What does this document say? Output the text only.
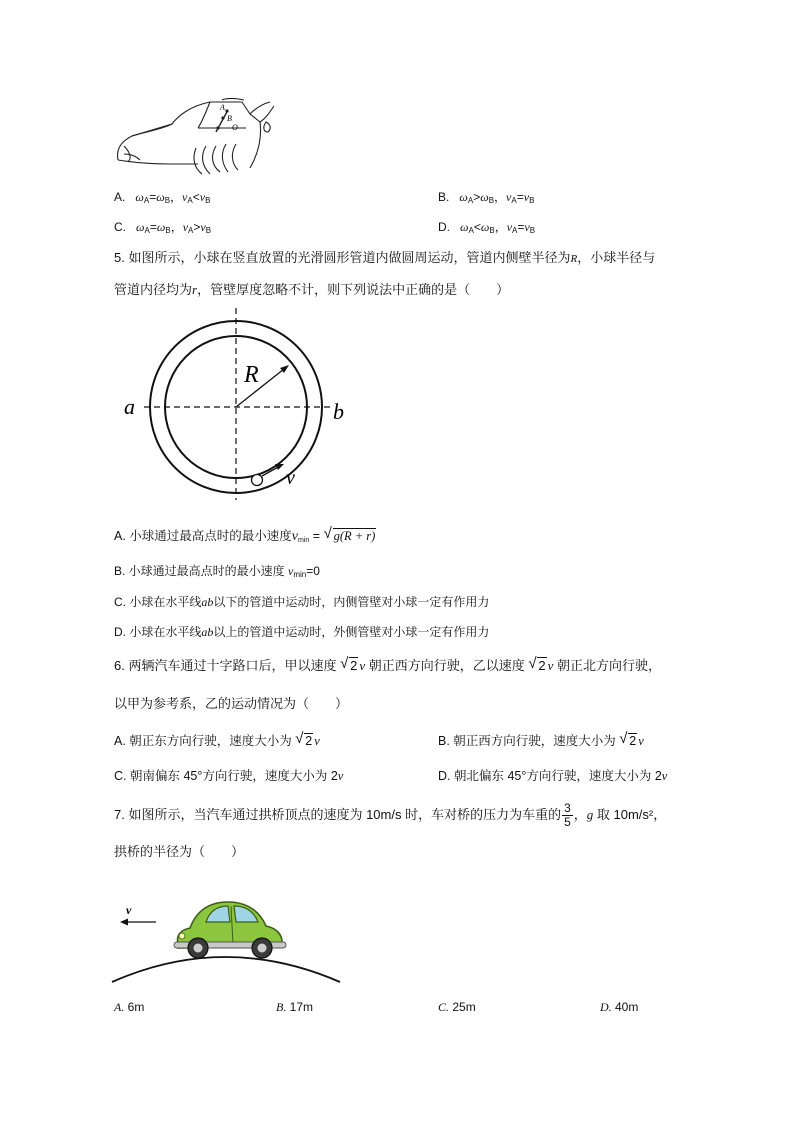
A
B
O
A. $\omega_A=\omega_B$，$v_A<v_B$	B. $\omega_A>\omega_B$，$v_A=v_B$
C. $\omega_A=\omega_B$，$v_A>v_B$	D. $\omega_A<\omega_B$，$v_A=v_B$
5. 如图所示，小球在竖直放置的光滑圆形管道内做圆周运动，管道内侧壁半径为R，小球半径与
管道内径均为r，管壁厚度忽略不计，则下列说法中正确的是（　　）
R
a	b
v
A. 小球通过最高点时的最小速度$v_{min}$ = √ g(R + r)
B. 小球通过最高点时的最小速度 $v_{min}=0$
C. 小球在水平线ab以下的管道中运动时，内侧管壁对小球一定有作用力
D. 小球在水平线ab以上的管道中运动时，外侧管壁对小球一定有作用力
6. 两辆汽车通过十字路口后，甲以速度 √ 2 v 朝正西方向行驶，乙以速度 √ 2 v 朝正北方向行驶，
以甲为参考系，乙的运动情况为（　　）
A. 朝正东方向行驶，速度大小为 √ 2 v	B. 朝正西方向行驶，速度大小为 √ 2 v
C. 朝南偏东 45°方向行驶，速度大小为 2v	D. 朝北偏东 45°方向行驶，速度大小为 2v
7. 如图所示，当汽车通过拱桥顶点的速度为 10m/s 时，车对桥的压力为车重的 $\frac{3}{5}$ ，g 取 10m/s²，
拱桥的半径为（　　）
v
A. 6m	B. 17m	C. 25m	D. 40m
